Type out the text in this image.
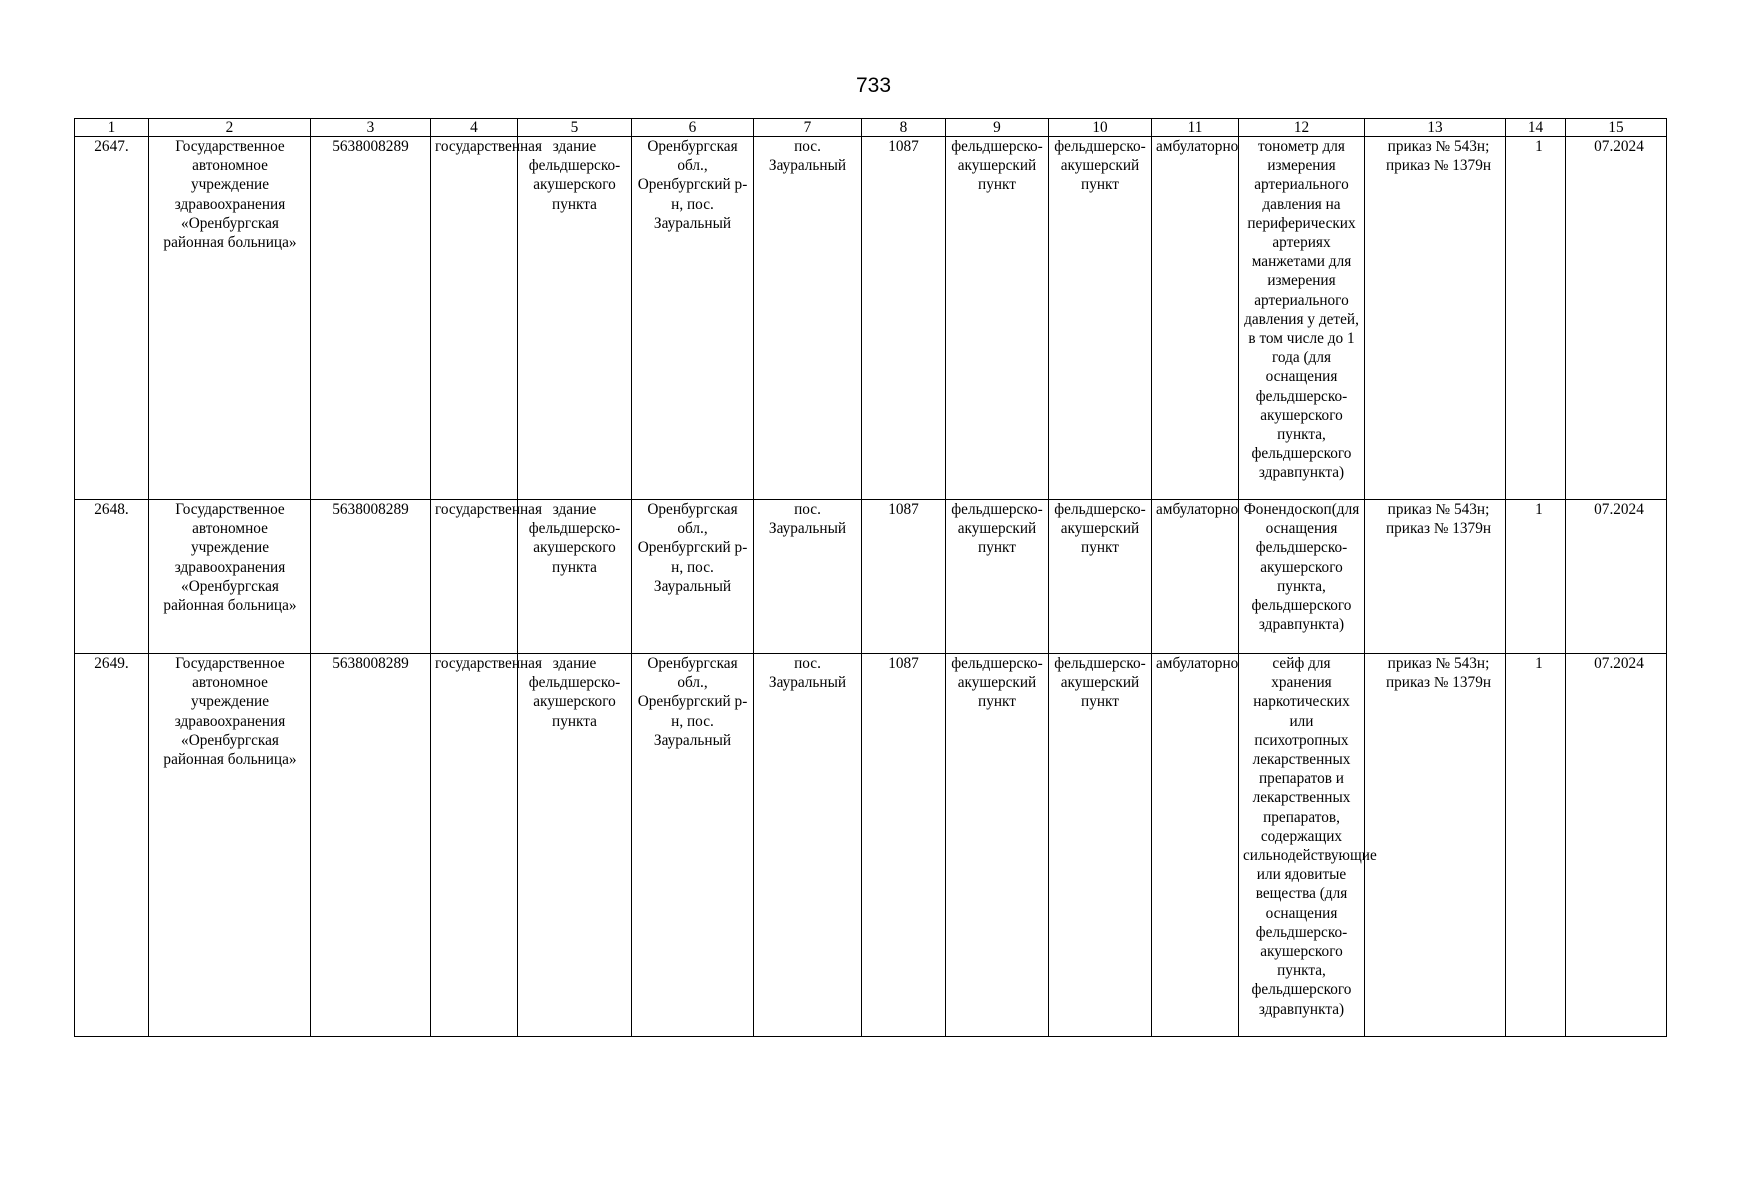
733
1	2	3	4	5	6	7	8	9	10	11	12	13	14	15
2647.	Государственное автономное учреждение здравоохранения «Оренбургская районная больница»	5638008289	государственная	здание фельдшерско-акушерского пункта	Оренбургская обл., Оренбургский р-н, пос. Зауральный	пос. Зауральный	1087	фельдшерско-акушерский пункт	фельдшерско-акушерский пункт	амбулаторно	тонометр для измерения артериального давления на периферических артериях манжетами для измерения артериального давления у детей, в том числе до 1 года (для оснащения фельдшерско-акушерского пункта, фельдшерского здравпункта)	приказ № 543н; приказ № 1379н	1	07.2024
2648.	Государственное автономное учреждение здравоохранения «Оренбургская районная больница»	5638008289	государственная	здание фельдшерско-акушерского пункта	Оренбургская обл., Оренбургский р-н, пос. Зауральный	пос. Зауральный	1087	фельдшерско-акушерский пункт	фельдшерско-акушерский пункт	амбулаторно	Фонендоскоп(для оснащения фельдшерско-акушерского пункта, фельдшерского здравпункта)	приказ № 543н; приказ № 1379н	1	07.2024
2649.	Государственное автономное учреждение здравоохранения «Оренбургская районная больница»	5638008289	государственная	здание фельдшерско-акушерского пункта	Оренбургская обл., Оренбургский р-н, пос. Зауральный	пос. Зауральный	1087	фельдшерско-акушерский пункт	фельдшерско-акушерский пункт	амбулаторно	сейф для хранения наркотических или психотропных лекарственных препаратов и лекарственных препаратов, содержащих сильнодействующие или ядовитые вещества (для оснащения фельдшерско-акушерского пункта, фельдшерского здравпункта)	приказ № 543н; приказ № 1379н	1	07.2024
